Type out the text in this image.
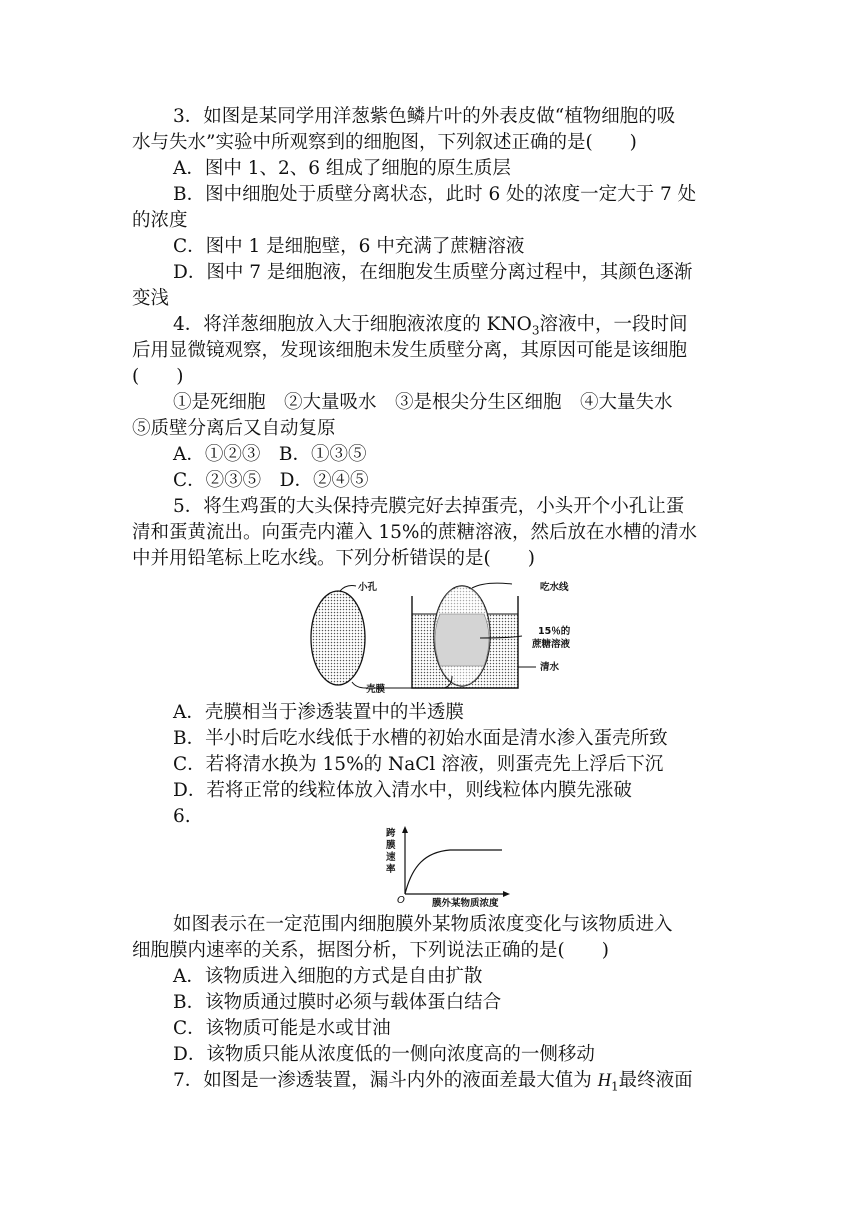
3．如图是某同学用洋葱紫色鳞片叶的外表皮做“植物细胞的吸

水与失水”实验中所观察到的细胞图，下列叙述正确的是(　　)

A．图中 1、2、6 组成了细胞的原生质层

B．图中细胞处于质壁分离状态，此时 6 处的浓度一定大于 7 处

的浓度

C．图中 1 是细胞壁，6 中充满了蔗糖溶液

D．图中 7 是细胞液，在细胞发生质壁分离过程中，其颜色逐渐

变浅

4．将洋葱细胞放入大于细胞液浓度的 $KNO_3$溶液中，一段时间

后用显微镜观察，发现该细胞未发生质壁分离，其原因可能是该细胞

(　　)

①是死细胞　②大量吸水　③是根尖分生区细胞　④大量失水

⑤质壁分离后又自动复原

A．①②③　B．①③⑤

C．②③⑤　D．②④⑤

5．将生鸡蛋的大头保持壳膜完好去掉蛋壳，小头开个小孔让蛋

清和蛋黄流出。向蛋壳内灌入 15%的蔗糖溶液，然后放在水槽的清水

中并用铅笔标上吃水线。下列分析错误的是(　　)

小孔	吃水线
15％的
蔗糖溶液
清水
壳膜

A．壳膜相当于渗透装置中的半透膜

B．半小时后吃水线低于水槽的初始水面是清水渗入蛋壳所致

C．若将清水换为 15%的 NaCl 溶液，则蛋壳先上浮后下沉

D．若将正常的线粒体放入清水中，则线粒体内膜先涨破

6.

跨
膜
速
率
O	膜外某物质浓度

如图表示在一定范围内细胞膜外某物质浓度变化与该物质进入

细胞膜内速率的关系，据图分析，下列说法正确的是(　　)

A．该物质进入细胞的方式是自由扩散

B．该物质通过膜时必须与载体蛋白结合

C．该物质可能是水或甘油

D．该物质只能从浓度低的一侧向浓度高的一侧移动

7．如图是一渗透装置，漏斗内外的液面差最大值为 $H_1$最终液面
